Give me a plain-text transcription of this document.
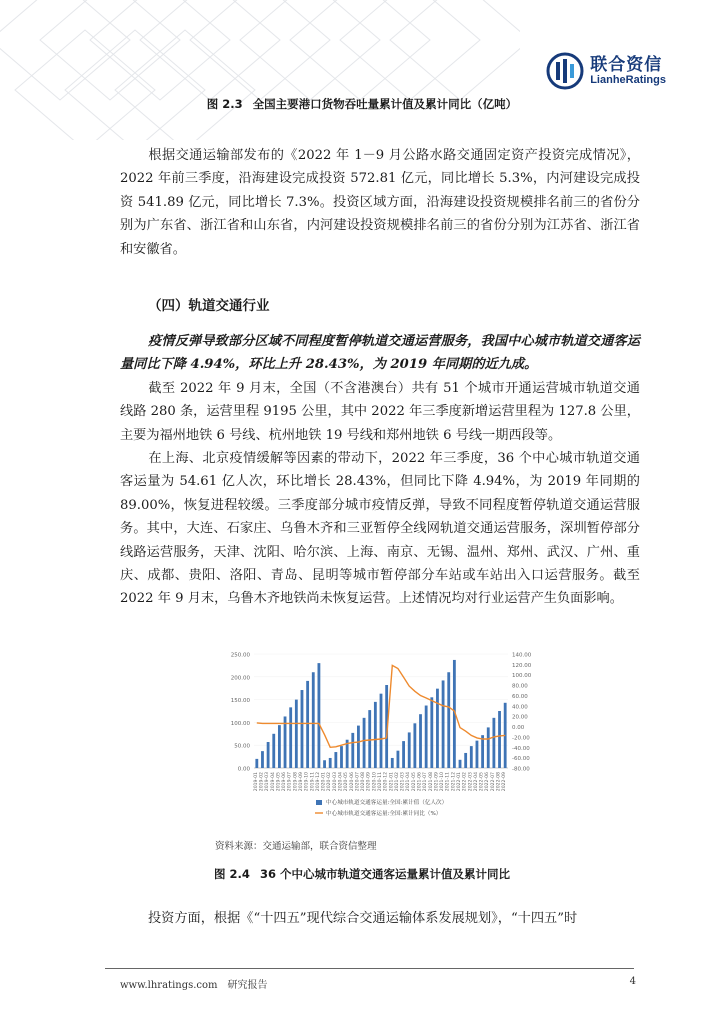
联合资信
LianheRatings
图 2.3 全国主要港口货物吞吐量累计值及累计同比（亿吨）

根据交通运输部发布的《2022 年 1－9 月公路水路交通固定资产投资完成情况》，2022 年前三季度，沿海建设完成投资 572.81 亿元，同比增长 5.3%，内河建设完成投资 541.89 亿元，同比增长 7.3%。投资区域方面，沿海建设投资规模排名前三的省份分别为广东省、浙江省和山东省，内河建设投资规模排名前三的省份分别为江苏省、浙江省和安徽省。

（四）轨道交通行业

疫情反弹导致部分区域不同程度暂停轨道交通运营服务，我国中心城市轨道交通客运量同比下降 4.94%，环比上升 28.43%，为 2019 年同期的近九成。

截至 2022 年 9 月末，全国（不含港澳台）共有 51 个城市开通运营城市轨道交通线路 280 条，运营里程 9195 公里，其中 2022 年三季度新增运营里程为 127.8 公里，主要为福州地铁 6 号线、杭州地铁 19 号线和郑州地铁 6 号线一期西段等。

在上海、北京疫情缓解等因素的带动下，2022 年三季度，36 个中心城市轨道交通客运量为 54.61 亿人次，环比增长 28.43%，但同比下降 4.94%，为 2019 年同期的 89.00%，恢复进程较缓。三季度部分城市疫情反弹，导致不同程度暂停轨道交通运营服务。其中，大连、石家庄、乌鲁木齐和三亚暂停全线网轨道交通运营服务，深圳暂停部分线路运营服务，天津、沈阳、哈尔滨、上海、南京、无锡、温州、郑州、武汉、广州、重庆、成都、贵阳、洛阳、青岛、昆明等城市暂停部分车站或车站出入口运营服务。截至 2022 年 9 月末，乌鲁木齐地铁尚未恢复运营。上述情况均对行业运营产生负面影响。

0.00
50.00
100.00
150.00
200.00
250.00
-80.00
-60.00
-40.00
-20.00
0.00
20.00
40.00
60.00
80.00
100.00
120.00
140.00
2019-01 2019-02 2019-03 2019-04 2019-05 2019-06 2019-07 2019-08 2019-09 2019-10 2019-11 2019-12 2020-01 2020-02 2020-03 2020-04 2020-05 2020-06 2020-07 2020-08 2020-09 2020-10 2020-11 2020-12 2021-01 2021-02 2021-03 2021-04 2021-05 2021-06 2021-07 2021-08 2021-09 2021-10 2021-11 2021-12 2022-01 2022-02 2022-03 2022-04 2022-05 2022-06 2022-07 2022-08 2022-09
中心城市轨道交通客运量:全国:累计值（亿人次）
中心城市轨道交通客运量:全国:累计同比（%）
资料来源：交通运输部，联合资信整理
图 2.4 36 个中心城市轨道交通客运量累计值及累计同比

投资方面，根据《“十四五”现代综合交通运输体系发展规划》，“十四五”时

www.lhratings.com 研究报告	4
